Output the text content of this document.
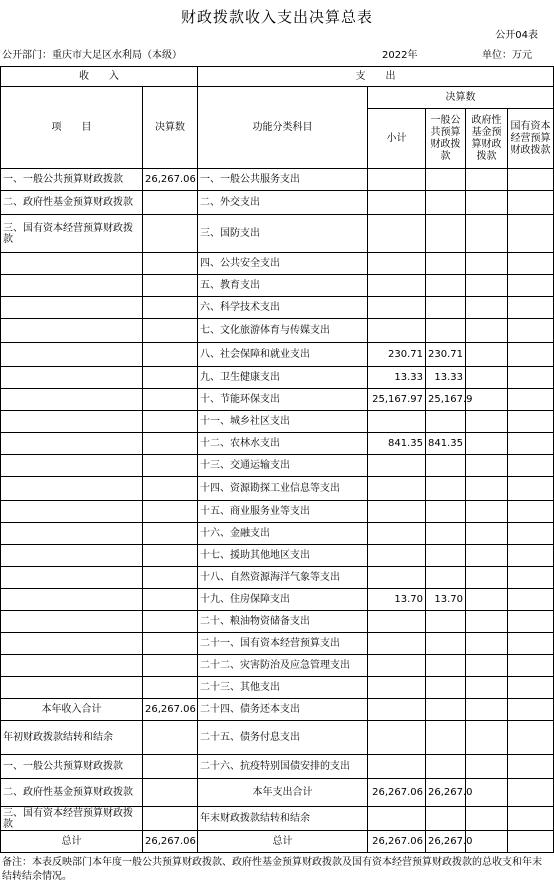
财政拨款收入支出决算总表
公开04表
公开部门：重庆市大足区水利局（本级）	2022年	单位：万元
收　　入		支　　出				
项　　目	决算数	功能分类科目	决算数			
			小计	一般公共预算财政拨款	政府性基金预算财政拨款	国有资本经营预算财政拨款
一、一般公共预算财政拨款	26,267.06	一、一般公共服务支出				
二、政府性基金预算财政拨款		二、外交支出				
三、国有资本经营预算财政拨款		三、国防支出				
		四、公共安全支出				
		五、教育支出				
		六、科学技术支出				
		七、文化旅游体育与传媒支出				
		八、社会保障和就业支出	230.71	230.71		
		九、卫生健康支出	13.33	13.33		
		十、节能环保支出	25,167.97	25,167.9		
		十一、城乡社区支出				
		十二、农林水支出	841.35	841.35		
		十三、交通运输支出				
		十四、资源勘探工业信息等支出				
		十五、商业服务业等支出				
		十六、金融支出				
		十七、援助其他地区支出				
		十八、自然资源海洋气象等支出				
		十九、住房保障支出	13.70	13.70		
		二十、粮油物资储备支出				
		二十一、国有资本经营预算支出				
		二十二、灾害防治及应急管理支出				
		二十三、其他支出				
本年收入合计	26,267.06	二十四、债务还本支出				
年初财政拨款结转和结余		二十五、债务付息支出				
一、一般公共预算财政拨款		二十六、抗疫特别国债安排的支出				
二、政府性基金预算财政拨款		本年支出合计	26,267.06	26,267.0		
三、国有资本经营预算财政拨款		年末财政拨款结转和结余				
总计	26,267.06	总计	26,267.06	26,267.0		
备注：本表反映部门本年度一般公共预算财政拨款、政府性基金预算财政拨款及国有资本经营预算财政拨款的总收支和年末结转结余情况。
